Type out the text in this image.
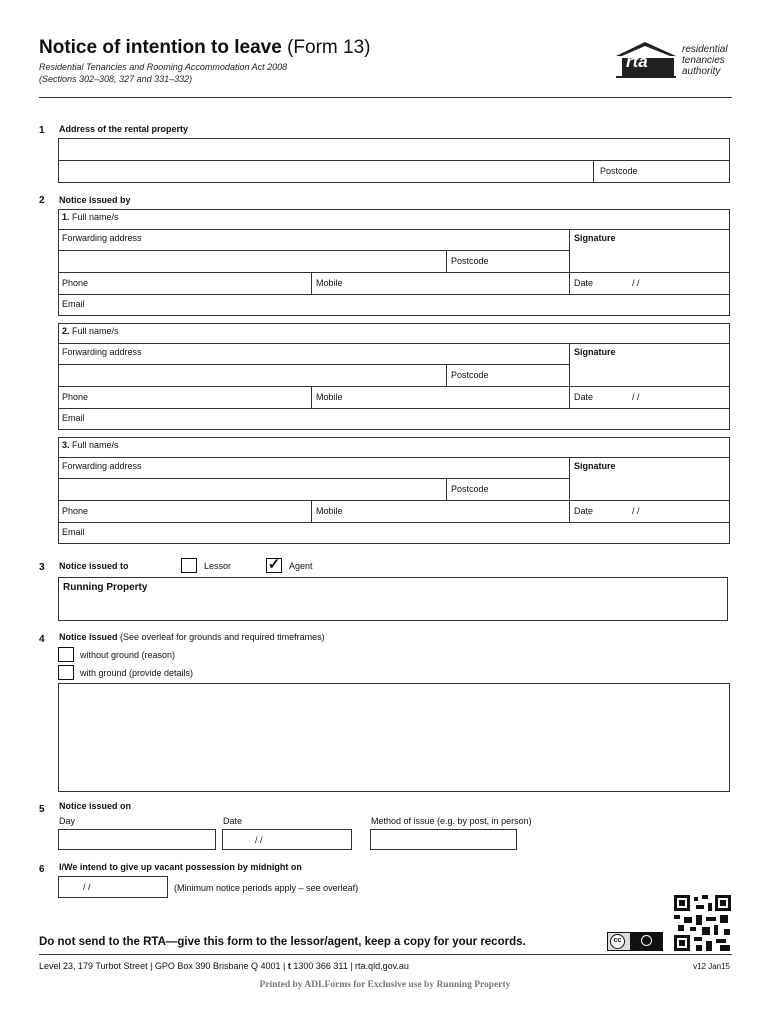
Notice of intention to leave (Form 13)
Residential Tenancies and Rooming Accommodation Act 2008
(Sections 302–308, 327 and 331–332)
rta
residential
tenancies
authority
1 Address of the rental property
Postcode
2 Notice issued by
1. Full name/s
Forwarding address
Postcode
Signature
Phone	Mobile	Date	/ /
Email
2. Full name/s
Forwarding address
Postcode
Signature
Phone	Mobile	Date	/ /
Email
3. Full name/s
Forwarding address
Postcode
Signature
Phone	Mobile	Date	/ /
Email
3 Notice issued to	Lessor ✓ Agent
Running Property
4 Notice issued (See overleaf for grounds and required timeframes)
without ground (reason)
with ground (provide details)
5 Notice issued on
Day	Date	Method of issue (e.g. by post, in person)
/ /
6 I/We intend to give up vacant possession by midnight on
/ /	(Minimum notice periods apply – see overleaf)
cc
Do not send to the RTA—give this form to the lessor/agent, keep a copy for your records.
Level 23, 179 Turbot Street | GPO Box 390 Brisbane Q 4001 | t 1300 366 311 | rta.qld.gov.au	v12 Jan15
Printed by ADLForms for Exclusive use by Running Property
